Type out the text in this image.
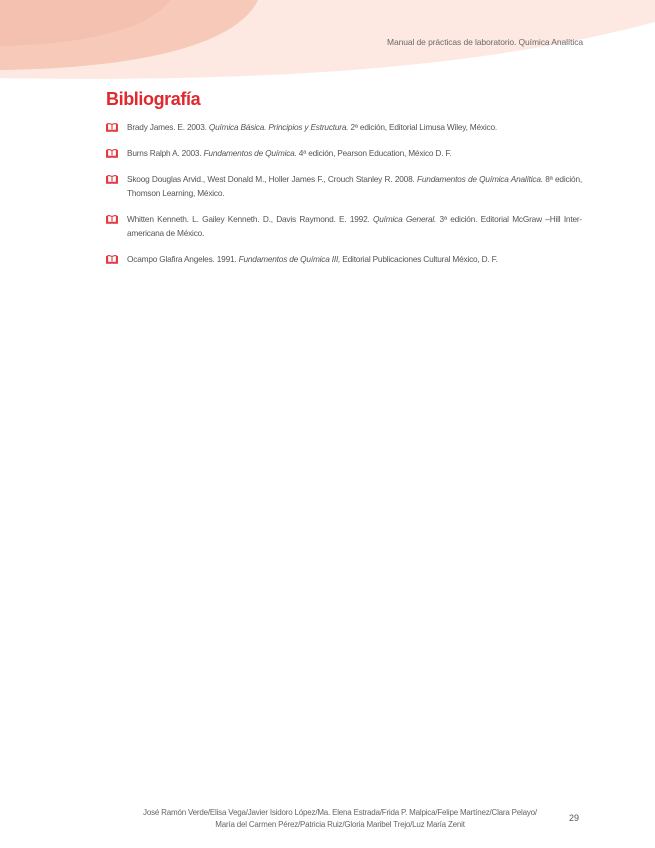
Manual de prácticas de laboratorio. Química Analítica
Bibliografía
Brady James. E. 2003. Química Básica. Principios y Estructura. 2ª edición, Editorial Limusa Wiley, México.
Burns Ralph A. 2003. Fundamentos de Química. 4ª edición, Pearson Education, México D. F.
Skoog Douglas Arvid., West Donald M., Holler James F., Crouch Stanley R. 2008. Fundamentos de Química Analítica. 8ª edición, Thomson Learning, México.
Whitten Kenneth. L. Gailey Kenneth. D., Davis Raymond. E. 1992. Química General. 3ª edición. Editorial McGraw –Hill Inter-americana de México.
Ocampo Glafira Angeles. 1991. Fundamentos de Química III, Editorial Publicaciones Cultural México, D. F.
José Ramón Verde/Elisa Vega/Javier Isidoro López/Ma. Elena Estrada/Frida P. Malpica/Felipe Martínez/Clara Pelayo/
María del Carmen Pérez/Patricia Ruiz/Gloria Maribel Trejo/Luz María Zenit
29
